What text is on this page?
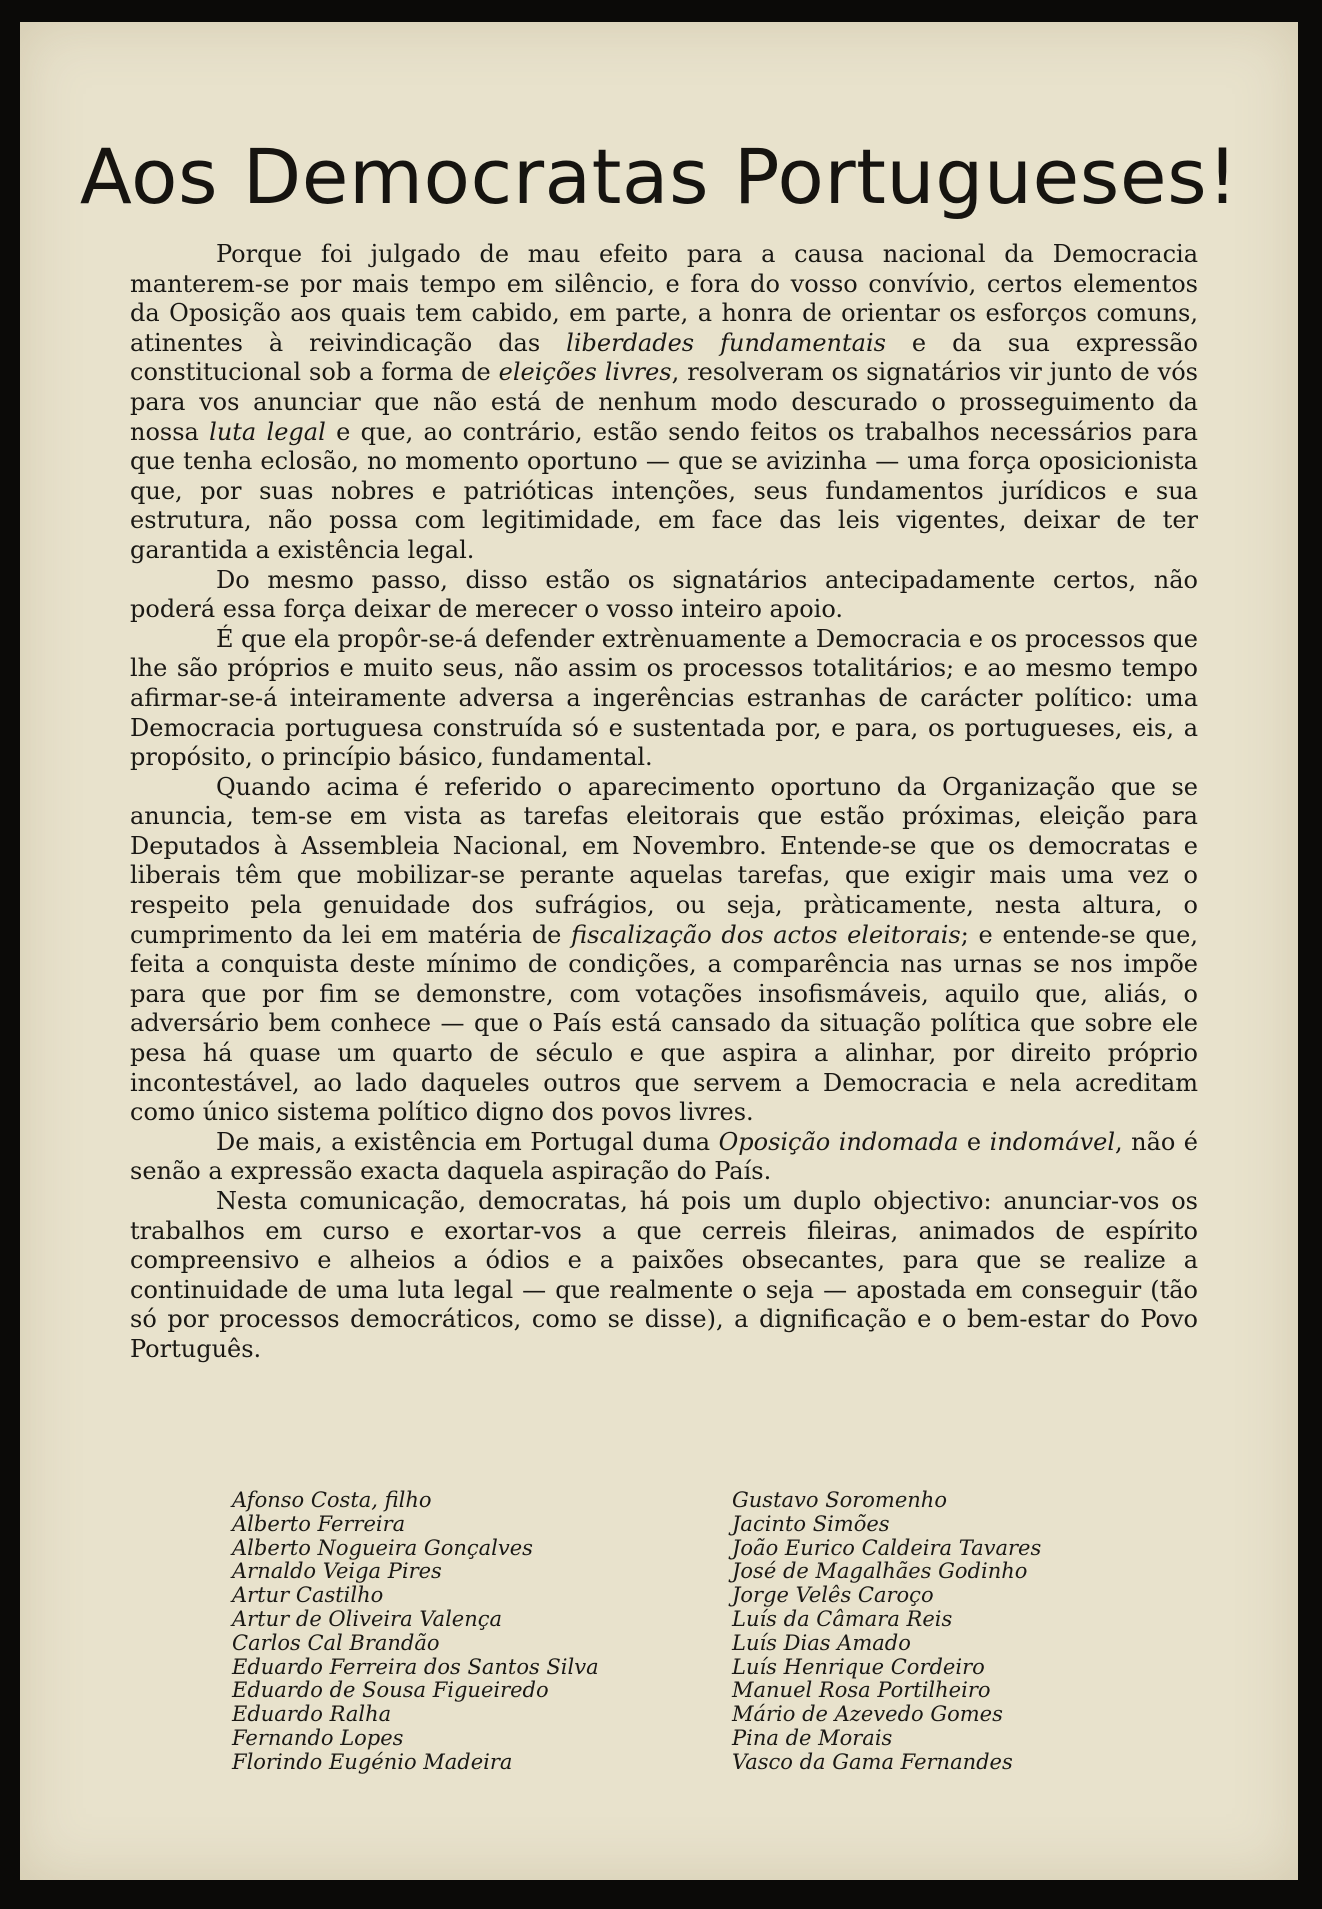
Aos Democratas Portugueses!

Porque foi julgado de mau efeito para a causa nacional da Democracia manterem-se por mais tempo em silêncio, e fora do vosso convívio, certos elementos da Oposição aos quais tem cabido, em parte, a honra de orientar os esforços comuns, atinentes à reivindicação das liberdades fundamentais e da sua expressão constitucional sob a forma de eleições livres, resolveram os signatários vir junto de vós para vos anunciar que não está de nenhum modo descurado o prosseguimento da nossa luta legal e que, ao contrário, estão sendo feitos os trabalhos necessários para que tenha eclosão, no momento oportuno — que se avizinha — uma força oposicionista que, por suas nobres e patrióticas intenções, seus fundamentos jurídicos e sua estrutura, não possa com legitimidade, em face das leis vigentes, deixar de ter garantida a existência legal.

Do mesmo passo, disso estão os signatários antecipadamente certos, não poderá essa força deixar de merecer o vosso inteiro apoio.

É que ela propôr-se-á defender extrènuamente a Democracia e os processos que lhe são próprios e muito seus, não assim os processos totalitários; e ao mesmo tempo afirmar-se-á inteiramente adversa a ingerências estranhas de carácter político: uma Democracia portuguesa construída só e sustentada por, e para, os portugueses, eis, a propósito, o princípio básico, fundamental.

Quando acima é referido o aparecimento oportuno da Organização que se anuncia, tem-se em vista as tarefas eleitorais que estão próximas, eleição para Deputados à Assembleia Nacional, em Novembro. Entende-se que os democratas e liberais têm que mobilizar-se perante aquelas tarefas, que exigir mais uma vez o respeito pela genuidade dos sufrágios, ou seja, pràticamente, nesta altura, o cumprimento da lei em matéria de fiscalização dos actos eleitorais; e entende-se que, feita a conquista deste mínimo de condições, a comparência nas urnas se nos impõe para que por fim se demonstre, com votações insofismáveis, aquilo que, aliás, o adversário bem conhece — que o País está cansado da situação política que sobre ele pesa há quase um quarto de século e que aspira a alinhar, por direito próprio incontestável, ao lado daqueles outros que servem a Democracia e nela acreditam como único sistema político digno dos povos livres.

De mais, a existência em Portugal duma Oposição indomada e indomável, não é senão a expressão exacta daquela aspiração do País.

Nesta comunicação, democratas, há pois um duplo objectivo: anunciar-vos os trabalhos em curso e exortar-vos a que cerreis fileiras, animados de espírito compreensivo e alheios a ódios e a paixões obsecantes, para que se realize a continuidade de uma luta legal — que realmente o seja — apostada em conseguir (tão só por processos democráticos, como se disse), a dignificação e o bem-estar do Povo Português.

Afonso Costa, filho
Alberto Ferreira
Alberto Nogueira Gonçalves
Arnaldo Veiga Pires
Artur Castilho
Artur de Oliveira Valença
Carlos Cal Brandão
Eduardo Ferreira dos Santos Silva
Eduardo de Sousa Figueiredo
Eduardo Ralha
Fernando Lopes
Florindo Eugénio Madeira
Gustavo Soromenho
Jacinto Simões
João Eurico Caldeira Tavares
José de Magalhães Godinho
Jorge Velês Caroço
Luís da Câmara Reis
Luís Dias Amado
Luís Henrique Cordeiro
Manuel Rosa Portilheiro
Mário de Azevedo Gomes
Pina de Morais
Vasco da Gama Fernandes
